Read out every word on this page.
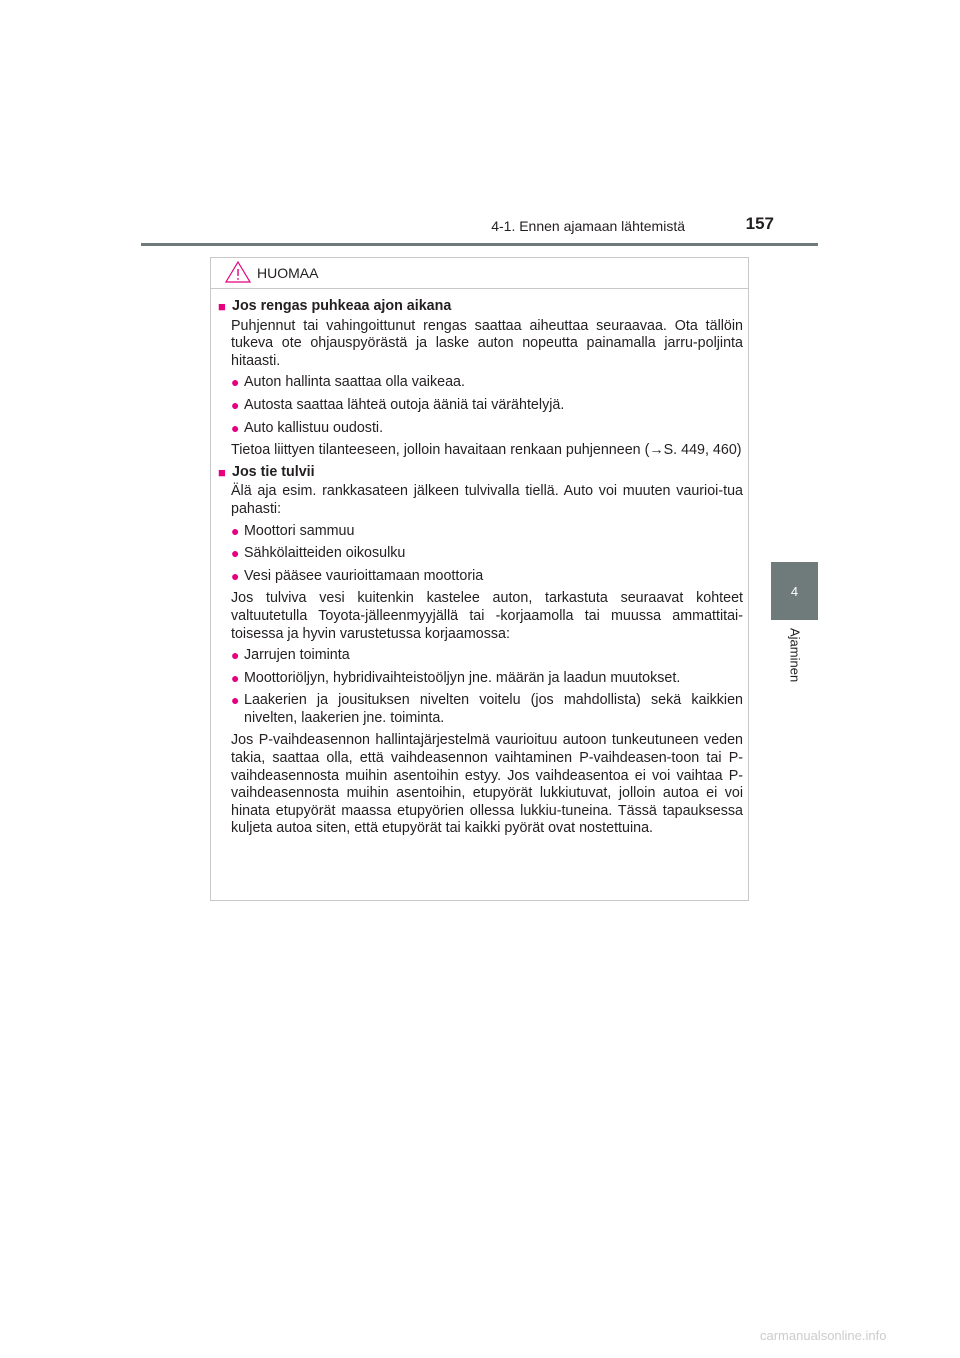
4-1. Ennen ajamaan lähtemistä	157
4
Ajaminen
HUOMAA
■ Jos rengas puhkeaa ajon aikana
Puhjennut tai vahingoittunut rengas saattaa aiheuttaa seuraavaa. Ota tällöin tukeva ote ohjauspyörästä ja laske auton nopeutta painamalla jarru-poljinta hitaasti.
● Auton hallinta saattaa olla vaikeaa.
● Autosta saattaa lähteä outoja ääniä tai värähtelyjä.
● Auto kallistuu oudosti.
Tietoa liittyen tilanteeseen, jolloin havaitaan renkaan puhjenneen (→S. 449, 460)
■ Jos tie tulvii
Älä aja esim. rankkasateen jälkeen tulvivalla tiellä. Auto voi muuten vaurioi-tua pahasti:
● Moottori sammuu
● Sähkölaitteiden oikosulku
● Vesi pääsee vaurioittamaan moottoria
Jos tulviva vesi kuitenkin kastelee auton, tarkastuta seuraavat kohteet valtuutetulla Toyota-jälleenmyyjällä tai -korjaamolla tai muussa ammattitai-toisessa ja hyvin varustetussa korjaamossa:
● Jarrujen toiminta
● Moottoriöljyn, hybridivaihteistoöljyn jne. määrän ja laadun muutokset.
● Laakerien ja jousituksen nivelten voitelu (jos mahdollista) sekä kaikkien nivelten, laakerien jne. toiminta.
Jos P-vaihdeasennon hallintajärjestelmä vaurioituu autoon tunkeutuneen veden takia, saattaa olla, että vaihdeasennon vaihtaminen P-vaihdeasen-toon tai P-vaihdeasennosta muihin asentoihin estyy. Jos vaihdeasentoa ei voi vaihtaa P-vaihdeasennosta muihin asentoihin, etupyörät lukkiutuvat, jolloin autoa ei voi hinata etupyörät maassa etupyörien ollessa lukkiu-tuneina. Tässä tapauksessa kuljeta autoa siten, että etupyörät tai kaikki pyörät ovat nostettuina.
carmanualsonline.info
